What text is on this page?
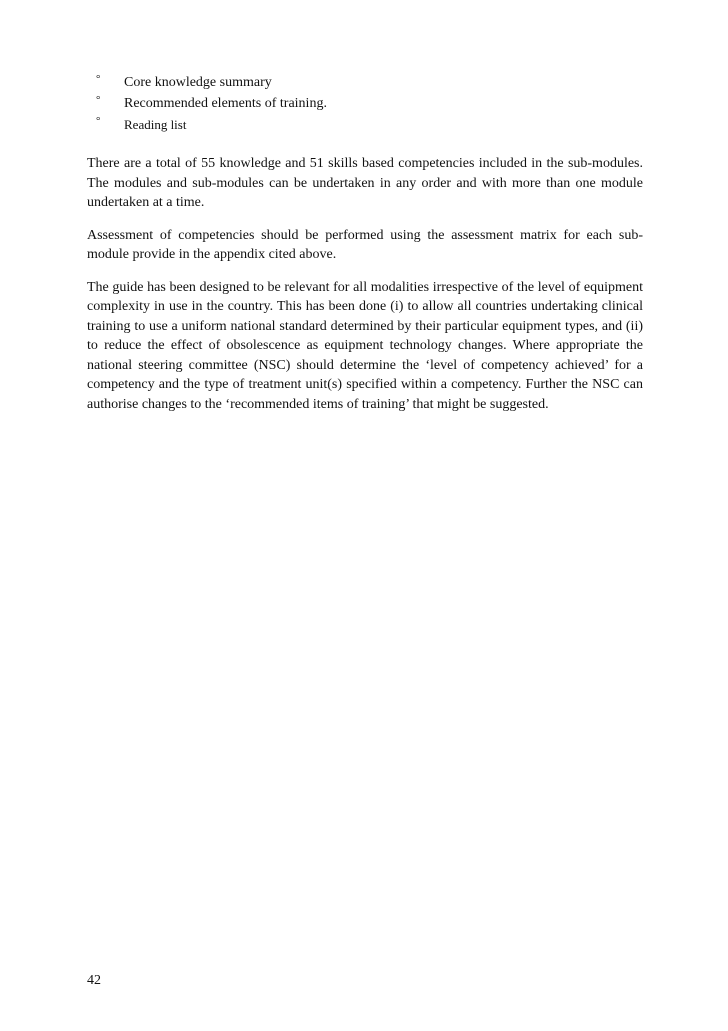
° Core knowledge summary
° Recommended elements of training.
° Reading list

There are a total of 55 knowledge and 51 skills based competencies included in the sub-modules. The modules and sub-modules can be undertaken in any order and with more than one module undertaken at a time.

Assessment of competencies should be performed using the assessment matrix for each sub-module provide in the appendix cited above.

The guide has been designed to be relevant for all modalities irrespective of the level of equipment complexity in use in the country. This has been done (i) to allow all countries undertaking clinical training to use a uniform national standard determined by their particular equipment types, and (ii) to reduce the effect of obsolescence as equipment technology changes. Where appropriate the national steering committee (NSC) should determine the ‘level of competency achieved’ for a competency and the type of treatment unit(s) specified within a competency. Further the NSC can authorise changes to the ‘recommended items of training’ that might be suggested.

42
